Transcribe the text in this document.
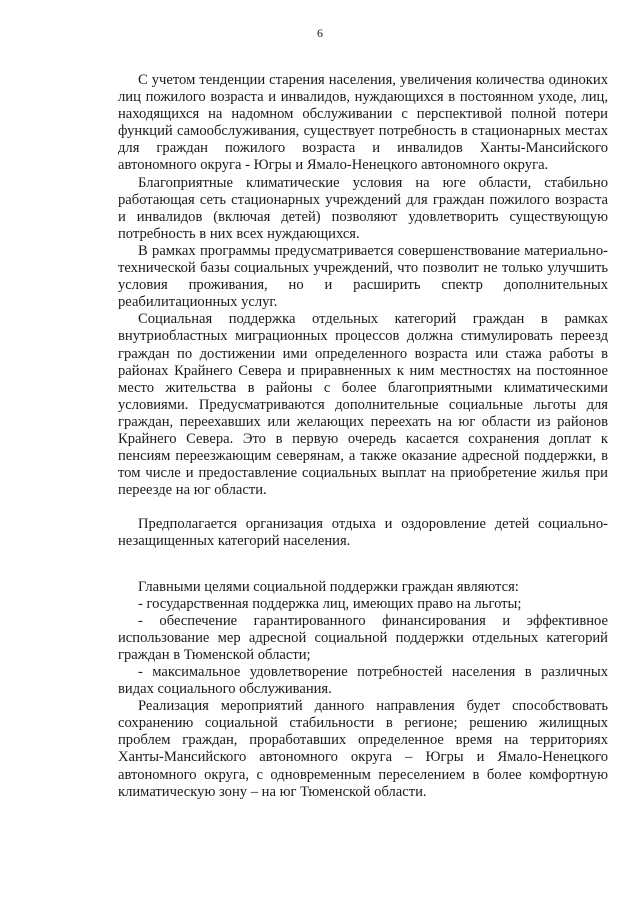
6

С учетом тенденции старения населения, увеличения количества одиноких лиц пожилого возраста и инвалидов, нуждающихся в постоянном уходе, лиц, находящихся на надомном обслуживании с перспективой полной потери функций самообслуживания, существует потребность в стационарных местах для граждан пожилого возраста и инвалидов Ханты-Мансийского автономного округа - Югры и Ямало-Ненецкого автономного округа.

Благоприятные климатические условия на юге области, стабильно работающая сеть стационарных учреждений для граждан пожилого возраста и инвалидов (включая детей) позволяют удовлетворить существующую потребность в них всех нуждающихся.

В рамках программы предусматривается совершенствование материально-технической базы социальных учреждений, что позволит не только улучшить условия проживания, но и расширить спектр дополнительных реабилитационных услуг.

Социальная поддержка отдельных категорий граждан в рамках внутриобластных миграционных процессов должна стимулировать переезд граждан по достижении ими определенного возраста или стажа работы в районах Крайнего Севера и приравненных к ним местностях на постоянное место жительства в районы с более благоприятными климатическими условиями. Предусматриваются дополнительные социальные льготы для граждан, переехавших или желающих переехать на юг области из районов Крайнего Севера. Это в первую очередь касается сохранения доплат к пенсиям переезжающим северянам, а также оказание адресной поддержки, в том числе и предоставление социальных выплат на приобретение жилья при переезде на юг области.

Предполагается организация отдыха и оздоровление детей социально-незащищенных категорий населения.

Главными целями социальной поддержки граждан являются:

- государственная поддержка лиц, имеющих право на льготы;

- обеспечение гарантированного финансирования и эффективное использование мер адресной социальной поддержки отдельных категорий граждан в Тюменской области;

- максимальное удовлетворение потребностей населения в различных видах социального обслуживания.

Реализация мероприятий данного направления будет способствовать сохранению социальной стабильности в регионе; решению жилищных проблем граждан, проработавших определенное время на территориях Ханты-Мансийского автономного округа – Югры и Ямало-Ненецкого автономного округа, с одновременным переселением в более комфортную климатическую зону – на юг Тюменской области.
